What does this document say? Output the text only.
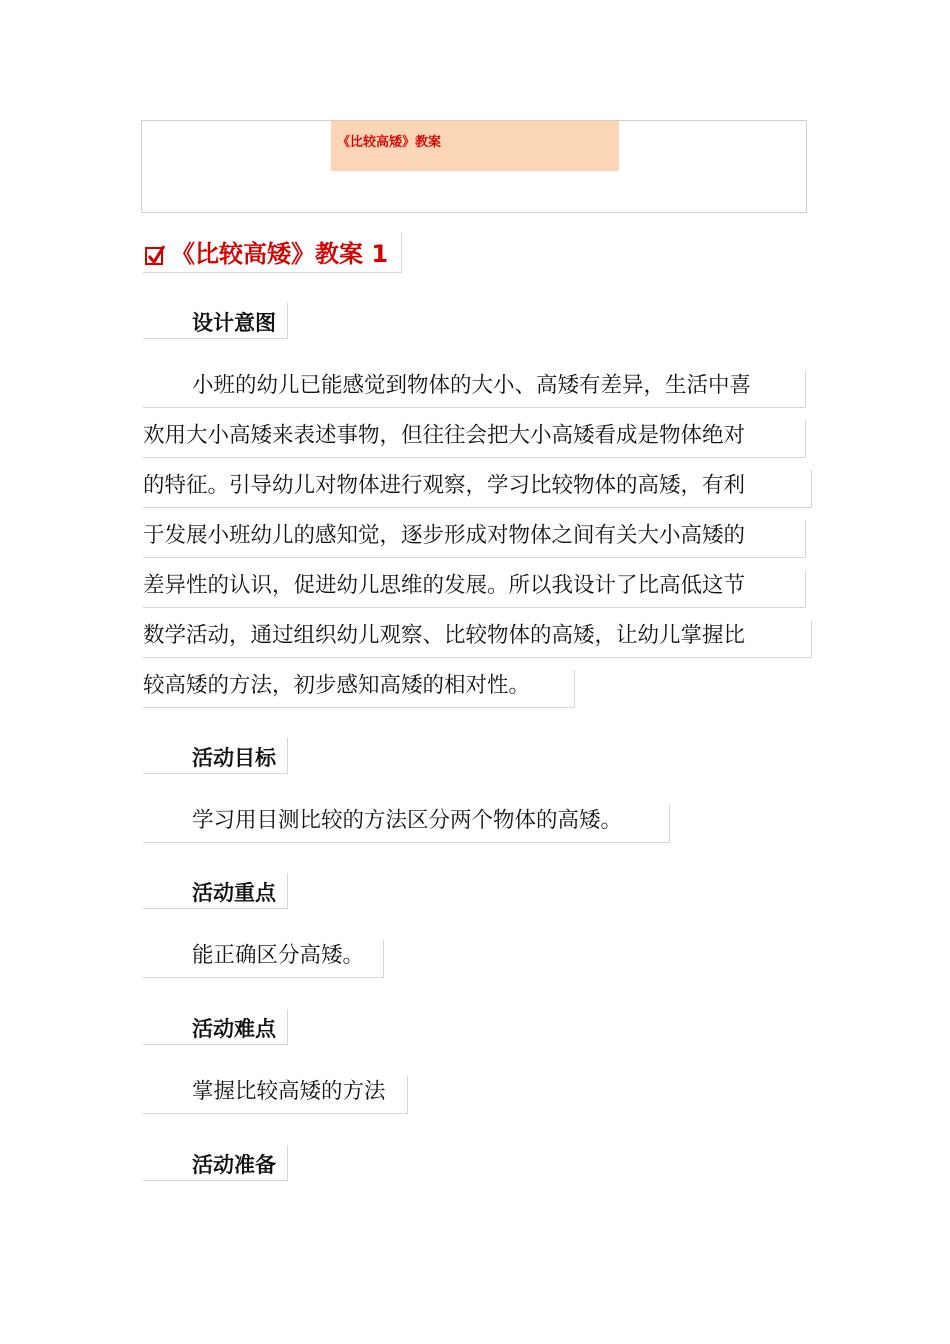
《比较高矮》教案
《比较高矮》教案 1
设计意图
小班的幼儿已能感觉到物体的大小、高矮有差异，生活中喜
欢用大小高矮来表述事物，但往往会把大小高矮看成是物体绝对
的特征。引导幼儿对物体进行观察，学习比较物体的高矮，有利
于发展小班幼儿的感知觉，逐步形成对物体之间有关大小高矮的
差异性的认识，促进幼儿思维的发展。所以我设计了比高低这节
数学活动，通过组织幼儿观察、比较物体的高矮，让幼儿掌握比
较高矮的方法，初步感知高矮的相对性。
活动目标
学习用目测比较的方法区分两个物体的高矮。
活动重点
能正确区分高矮。
活动难点
掌握比较高矮的方法
活动准备
